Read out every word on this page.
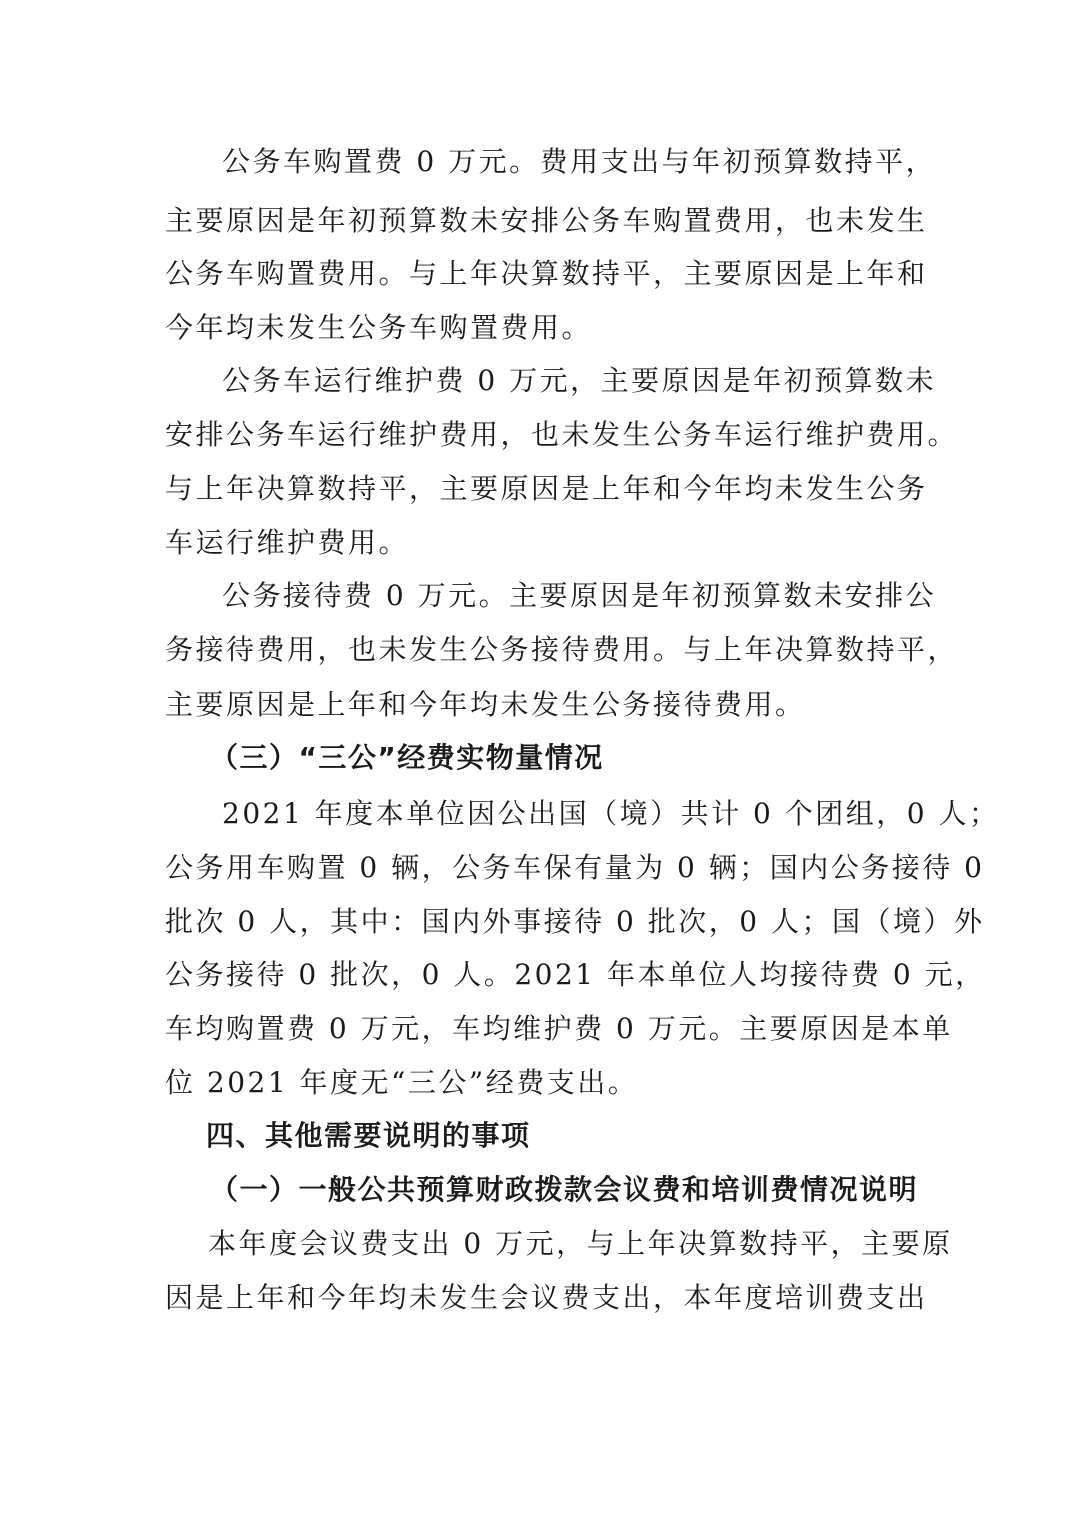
公务车购置费 0 万元。费用支出与年初预算数持平，
主要原因是年初预算数未安排公务车购置费用，也未发生
公务车购置费用。与上年决算数持平，主要原因是上年和
今年均未发生公务车购置费用。
公务车运行维护费 0 万元，主要原因是年初预算数未
安排公务车运行维护费用，也未发生公务车运行维护费用。
与上年决算数持平，主要原因是上年和今年均未发生公务
车运行维护费用。
公务接待费 0 万元。主要原因是年初预算数未安排公
务接待费用，也未发生公务接待费用。与上年决算数持平，
主要原因是上年和今年均未发生公务接待费用。
（三）“三公”经费实物量情况
2021 年度本单位因公出国（境）共计 0 个团组，0 人；
公务用车购置 0 辆，公务车保有量为 0 辆；国内公务接待 0
批次 0 人，其中：国内外事接待 0 批次，0 人；国（境）外
公务接待 0 批次，0 人。2021 年本单位人均接待费 0 元，
车均购置费 0 万元，车均维护费 0 万元。主要原因是本单
位 2021 年度无“三公”经费支出。
四、其他需要说明的事项
（一）一般公共预算财政拨款会议费和培训费情况说明
本年度会议费支出 0 万元，与上年决算数持平，主要原
因是上年和今年均未发生会议费支出，本年度培训费支出
